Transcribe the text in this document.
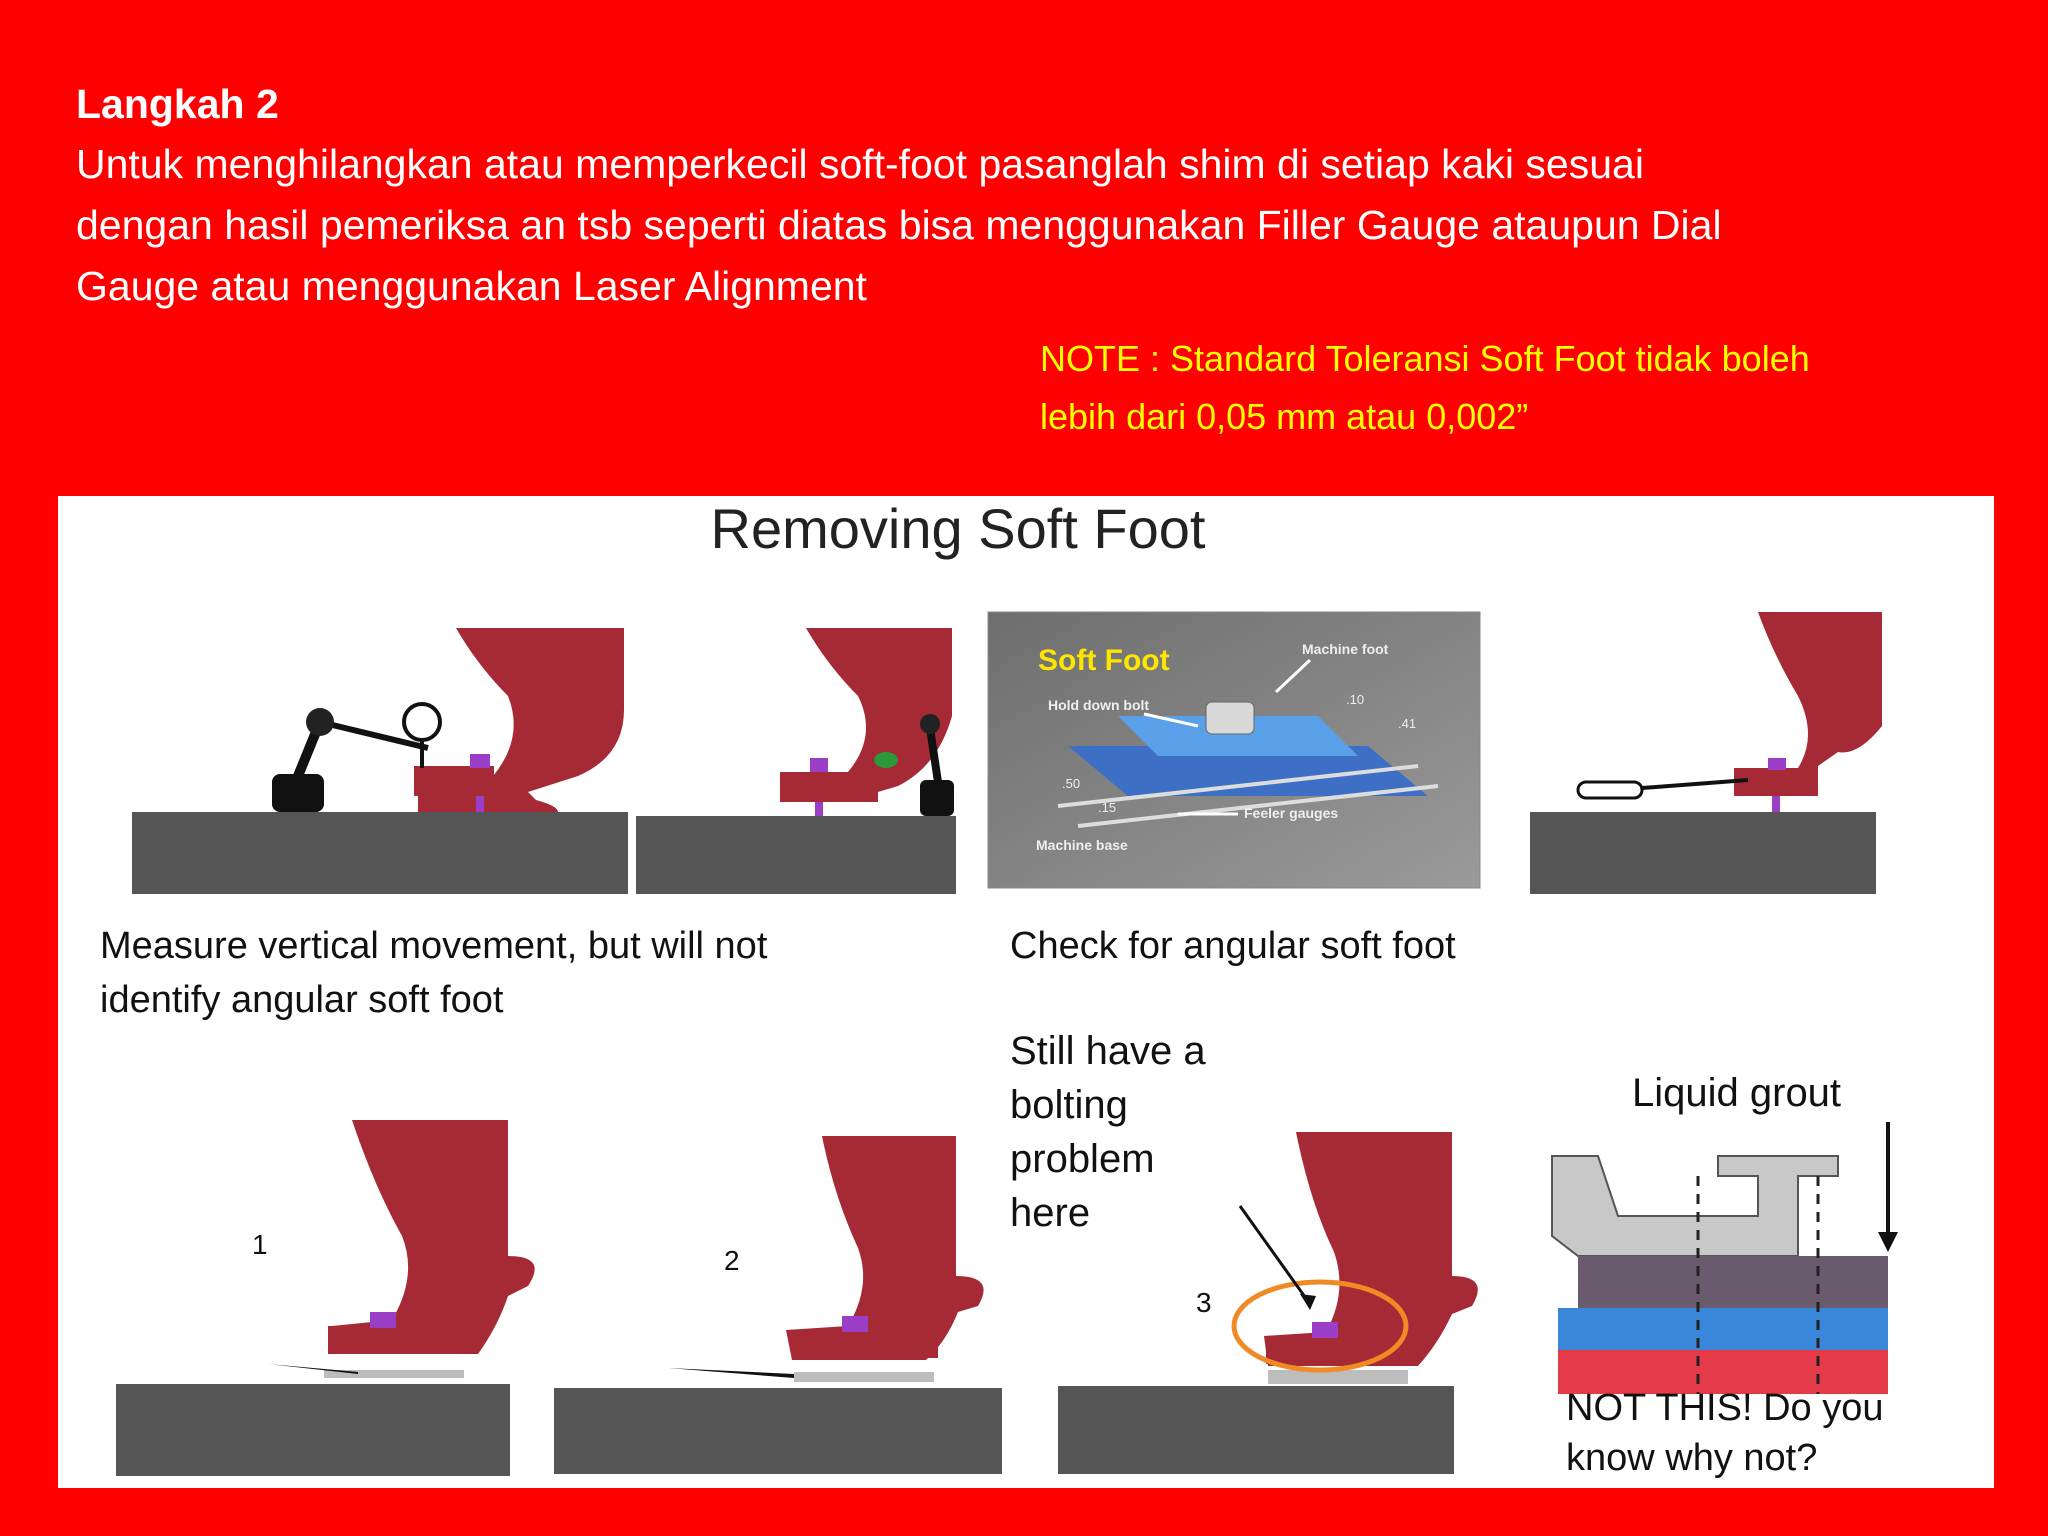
Langkah 2
Untuk menghilangkan atau memperkecil soft-foot pasanglah shim di setiap kaki sesuai
dengan hasil pemeriksa an tsb seperti diatas bisa menggunakan Filler Gauge ataupun Dial
Gauge atau menggunakan Laser Alignment
NOTE : Standard Toleransi Soft Foot tidak boleh
lebih dari 0,05 mm atau 0,002”
Removing Soft Foot
Soft Foot	Machine foot
Hold down bolt
Feeler gauges
Machine base
.10
.41
.50
.15
Measure vertical movement, but will not
identify angular soft foot
Check for angular soft foot
1
2
3
Still have a
bolting
problem
here
Liquid grout
NOT THIS! Do you
know why not?
